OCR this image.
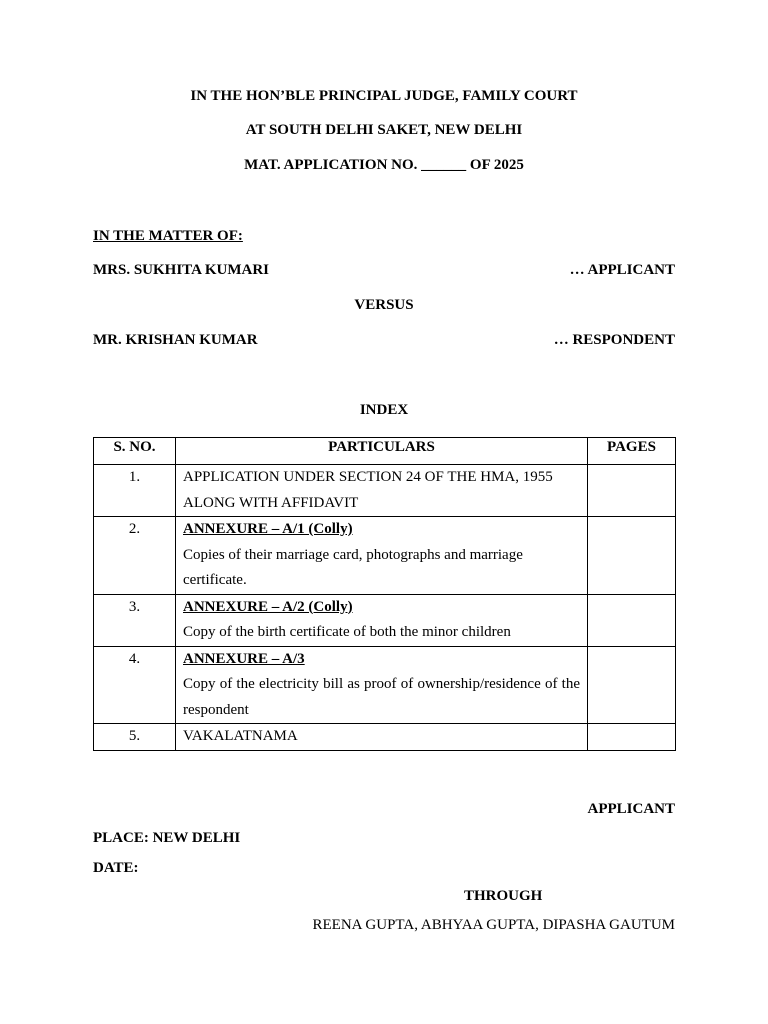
IN THE HON’BLE PRINCIPAL JUDGE, FAMILY COURT
AT SOUTH DELHI SAKET, NEW DELHI
MAT. APPLICATION NO. ______ OF 2025
IN THE MATTER OF:
MRS. SUKHITA KUMARI	… APPLICANT
VERSUS
MR. KRISHAN KUMAR	… RESPONDENT
INDEX
S. NO.	PARTICULARS	PAGES
1.	APPLICATION UNDER SECTION 24 OF THE HMA, 1955 ALONG WITH AFFIDAVIT	
2.	ANNEXURE – A/1 (Colly)
Copies of their marriage card, photographs and marriage certificate.	
3.	ANNEXURE – A/2 (Colly)
Copy of the birth certificate of both the minor children	
4.	ANNEXURE – A/3
Copy of the electricity bill as proof of ownership/residence of the respondent	

5.	VAKALATNAMA	
APPLICANT
PLACE: NEW DELHI
DATE:
THROUGH
REENA GUPTA, ABHYAA GUPTA, DIPASHA GAUTUM
